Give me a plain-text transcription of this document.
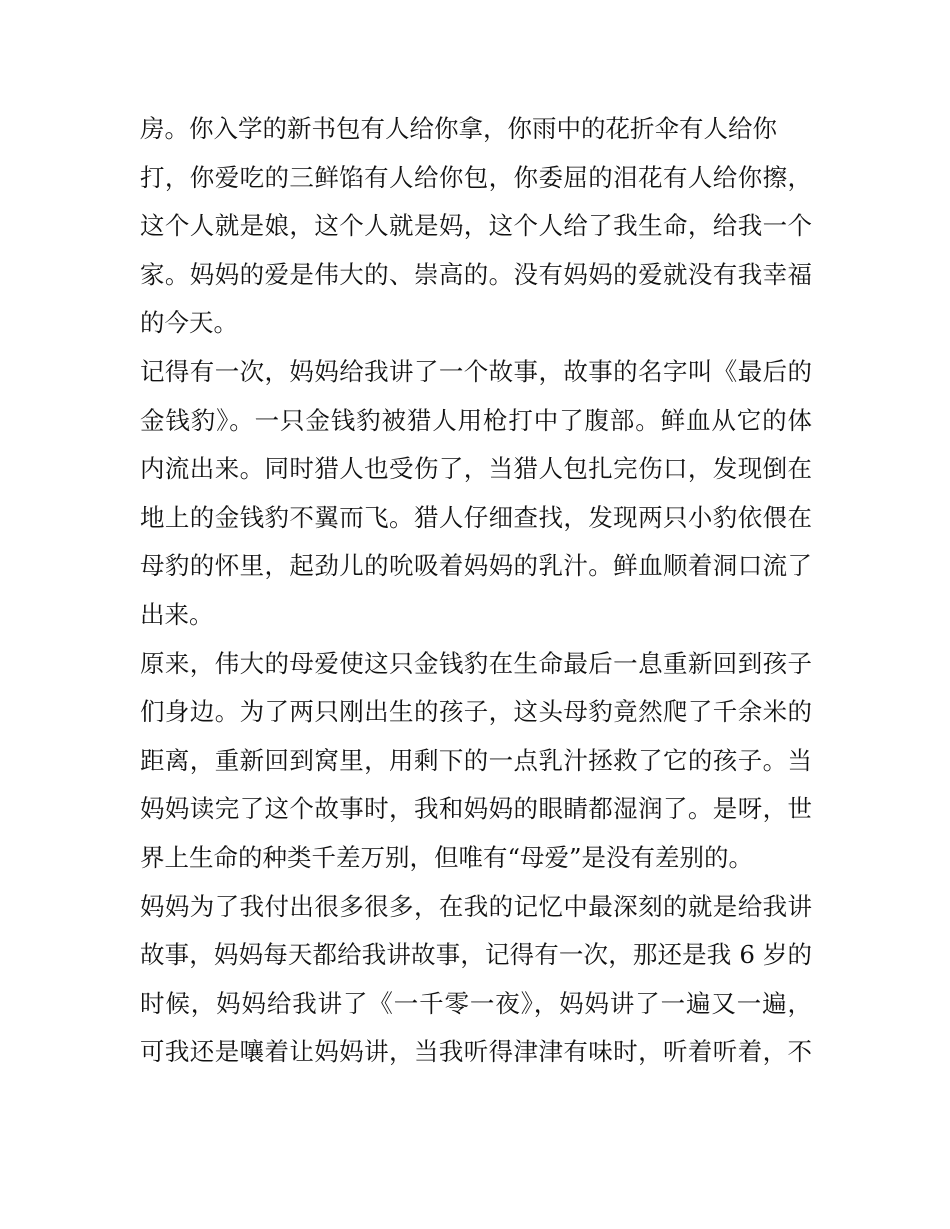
房。你入学的新书包有人给你拿，你雨中的花折伞有人给你
打，你爱吃的三鲜馅有人给你包，你委屈的泪花有人给你擦，
这个人就是娘，这个人就是妈，这个人给了我生命，给我一个
家。妈妈的爱是伟大的、崇高的。没有妈妈的爱就没有我幸福
的今天。
记得有一次，妈妈给我讲了一个故事，故事的名字叫《最后的
金钱豹》。一只金钱豹被猎人用枪打中了腹部。鲜血从它的体
内流出来。同时猎人也受伤了，当猎人包扎完伤口，发现倒在
地上的金钱豹不翼而飞。猎人仔细查找，发现两只小豹依偎在
母豹的怀里，起劲儿的吮吸着妈妈的乳汁。鲜血顺着洞口流了
出来。
原来，伟大的母爱使这只金钱豹在生命最后一息重新回到孩子
们身边。为了两只刚出生的孩子，这头母豹竟然爬了千余米的
距离，重新回到窝里，用剩下的一点乳汁拯救了它的孩子。当
妈妈读完了这个故事时，我和妈妈的眼睛都湿润了。是呀，世
界上生命的种类千差万别，但唯有“母爱”是没有差别的。
妈妈为了我付出很多很多，在我的记忆中最深刻的就是给我讲
故事，妈妈每天都给我讲故事，记得有一次，那还是我 6 岁的
时候，妈妈给我讲了《一千零一夜》，妈妈讲了一遍又一遍，
可我还是嚷着让妈妈讲，当我听得津津有味时，听着听着，不
